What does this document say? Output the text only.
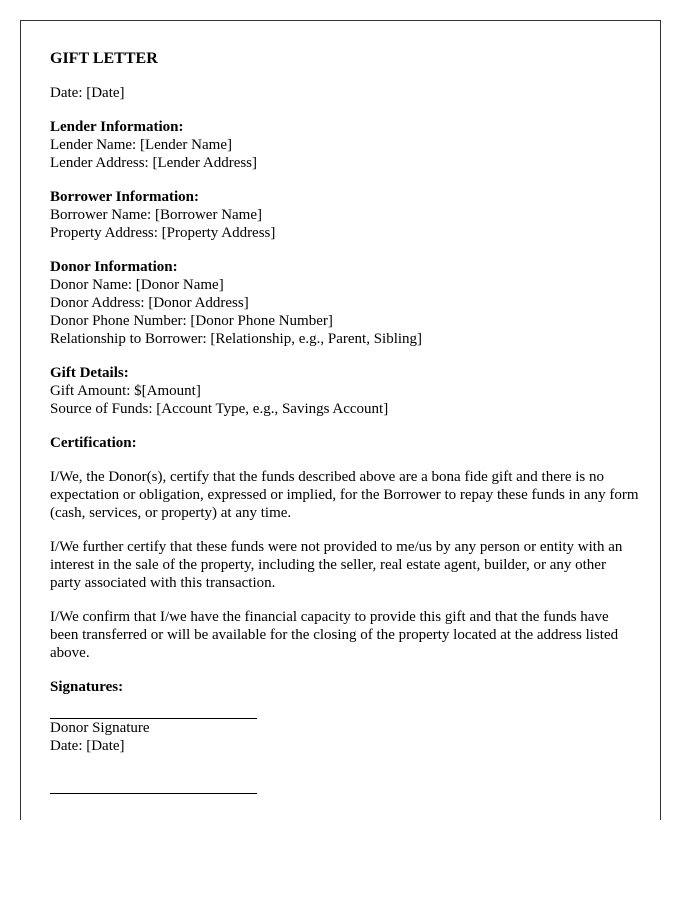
GIFT LETTER

Date: [Date]

Lender Information:

Lender Name: [Lender Name]

Lender Address: [Lender Address]

Borrower Information:

Borrower Name: [Borrower Name]

Property Address: [Property Address]

Donor Information:

Donor Name: [Donor Name]

Donor Address: [Donor Address]

Donor Phone Number: [Donor Phone Number]

Relationship to Borrower: [Relationship, e.g., Parent, Sibling]

Gift Details:

Gift Amount: $[Amount]

Source of Funds: [Account Type, e.g., Savings Account]

Certification:

I/We, the Donor(s), certify that the funds described above are a bona fide gift and there is no expectation or obligation, expressed or implied, for the Borrower to repay these funds in any form (cash, services, or property) at any time.

I/We further certify that these funds were not provided to me/us by any person or entity with an interest in the sale of the property, including the seller, real estate agent, builder, or any other party associated with this transaction.

I/We confirm that I/we have the financial capacity to provide this gift and that the funds have been transferred or will be available for the closing of the property located at the address listed above.

Signatures:

Donor Signature

Date: [Date]
